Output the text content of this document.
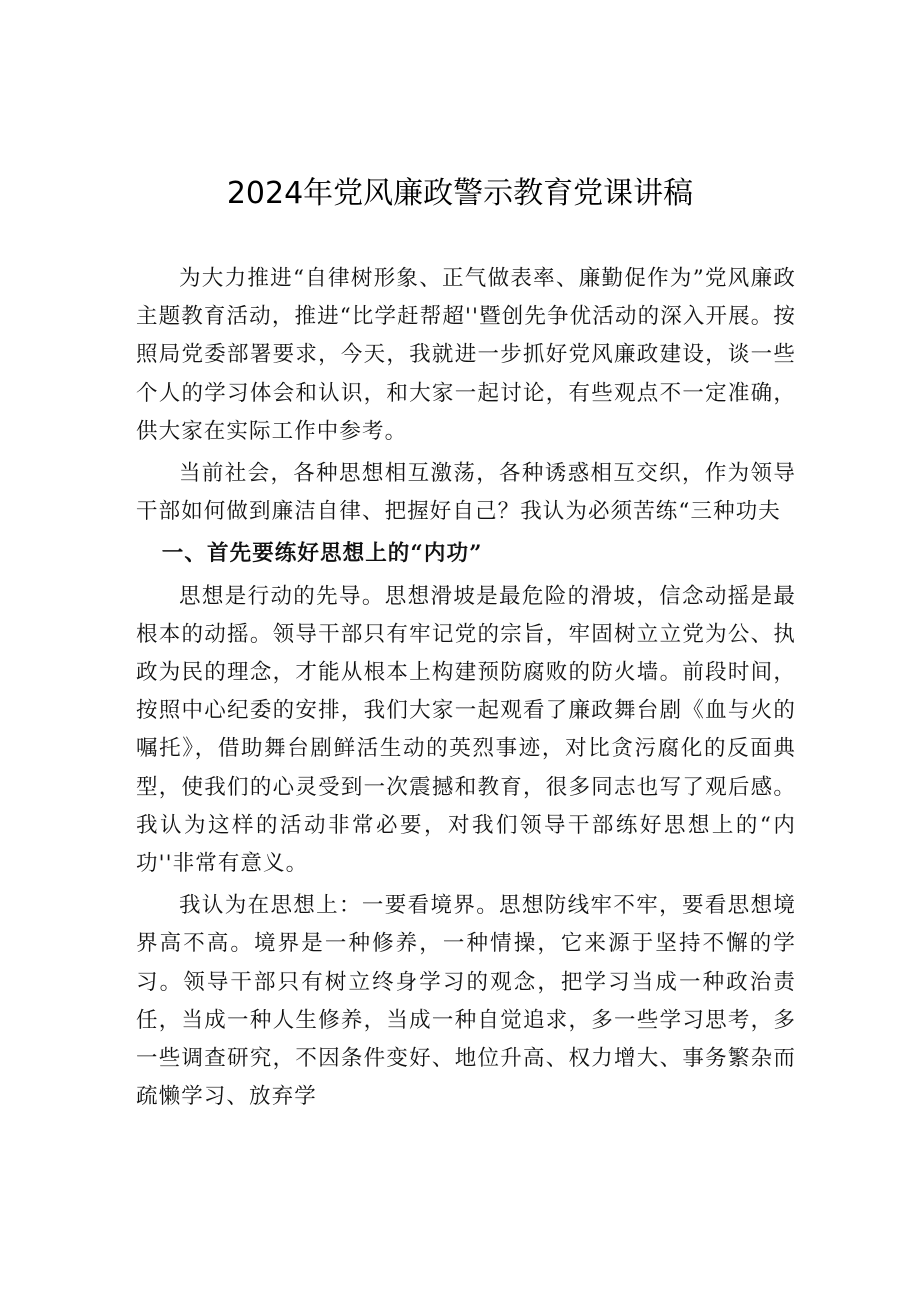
2024年党风廉政警示教育党课讲稿

为大力推进“自律树形象、正气做表率、廉勤促作为”党风廉政主题教育活动，推进“比学赶帮超''暨创先争优活动的深入开展。按照局党委部署要求，今天，我就进一步抓好党风廉政建设，谈一些个人的学习体会和认识，和大家一起讨论，有些观点不一定准确，供大家在实际工作中参考。

当前社会，各种思想相互激荡，各种诱惑相互交织，作为领导干部如何做到廉洁自律、把握好自己？我认为必须苦练“三种功夫

一、首先要练好思想上的“内功”

思想是行动的先导。思想滑坡是最危险的滑坡，信念动摇是最根本的动摇。领导干部只有牢记党的宗旨，牢固树立立党为公、执政为民的理念，才能从根本上构建预防腐败的防火墙。前段时间，按照中心纪委的安排，我们大家一起观看了廉政舞台剧《血与火的嘱托》，借助舞台剧鲜活生动的英烈事迹，对比贪污腐化的反面典型，使我们的心灵受到一次震撼和教育，很多同志也写了观后感。我认为这样的活动非常必要，对我们领导干部练好思想上的“内功''非常有意义。

我认为在思想上：一要看境界。思想防线牢不牢，要看思想境界高不高。境界是一种修养，一种情操，它来源于坚持不懈的学习。领导干部只有树立终身学习的观念，把学习当成一种政治责任，当成一种人生修养，当成一种自觉追求，多一些学习思考，多一些调查研究，不因条件变好、地位升高、权力增大、事务繁杂而疏懒学习、放弃学
